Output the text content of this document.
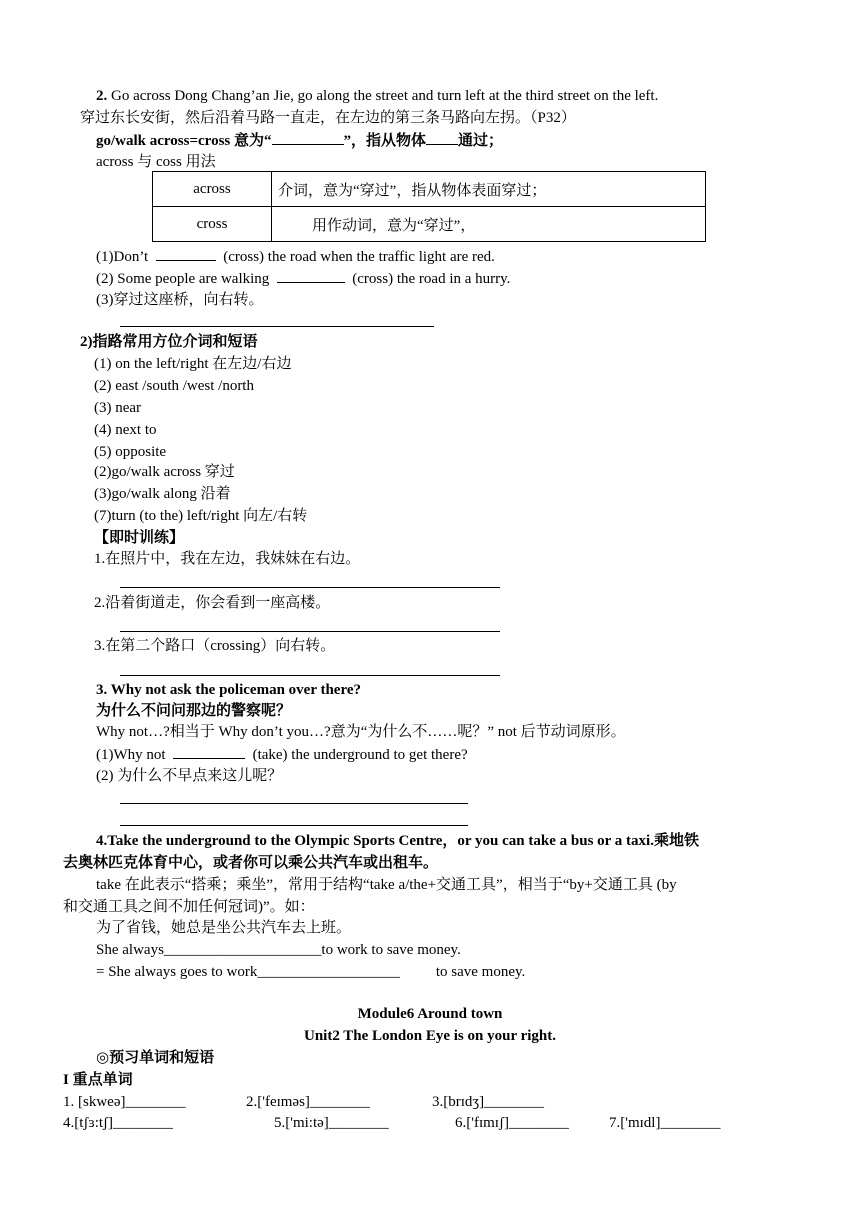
2. Go across Dong Chang’an Jie, go along the street and turn left at the third street on the left.
穿过东长安街，然后沿着马路一直走，在左边的第三条马路向左拐。（P32）
go/walk across=cross 意为“	”，指从物体 通过；
across 与 coss 用法
across	介词，意为“穿过”，指从物体表面穿过；
cross	用作动词，意为“穿过”，
(1)Don’t	(cross) the road when the traffic light are red.
(2) Some people are walking	(cross) the road in a hurry.
(3)穿过这座桥，向右转。
2)指路常用方位介词和短语
(1) on the left/right 在左边/右边
(2) east /south /west /north
(3) near
(4) next to
(5) opposite
(2)go/walk across 穿过
(3)go/walk along 沿着
(7)turn (to the) left/right 向左/右转
【即时训练】
1.在照片中，我在左边，我妹妹在右边。
2.沿着街道走，你会看到一座高楼。
3.在第二个路口（crossing）向右转。
3. Why not ask the policeman over there?
为什么不问问那边的警察呢？
Why not…?相当于 Why don’t you…?意为“为什么不……呢？” not 后节动词原形。
(1)Why not	(take) the underground to get there?
(2) 为什么不早点来这儿呢？
4.Take the underground to the Olympic Sports Centre，or you can take a bus or a taxi.乘地铁
去奥林匹克体育中心，或者你可以乘公共汽车或出租车。
take 在此表示“搭乘；乘坐”，常用于结构“take a/the+交通工具”，相当于“by+交通工具 (by
和交通工具之间不加任何冠词)”。如：
为了省钱，她总是坐公共汽车去上班。
She always_____________________to work to save money.
= She always goes to work___________________ to save money.
Module6 Around town
Unit2 The London Eye is on your right.
◎预习单词和短语
I 重点单词
1. [skweə]________	2.['feɪməs]________	3.[brɪdʒ]________
4.[tʃɜ:tʃ]________	5.['mi:tə]________	6.['fɪmɪʃ]________	7.['mɪdl]________
